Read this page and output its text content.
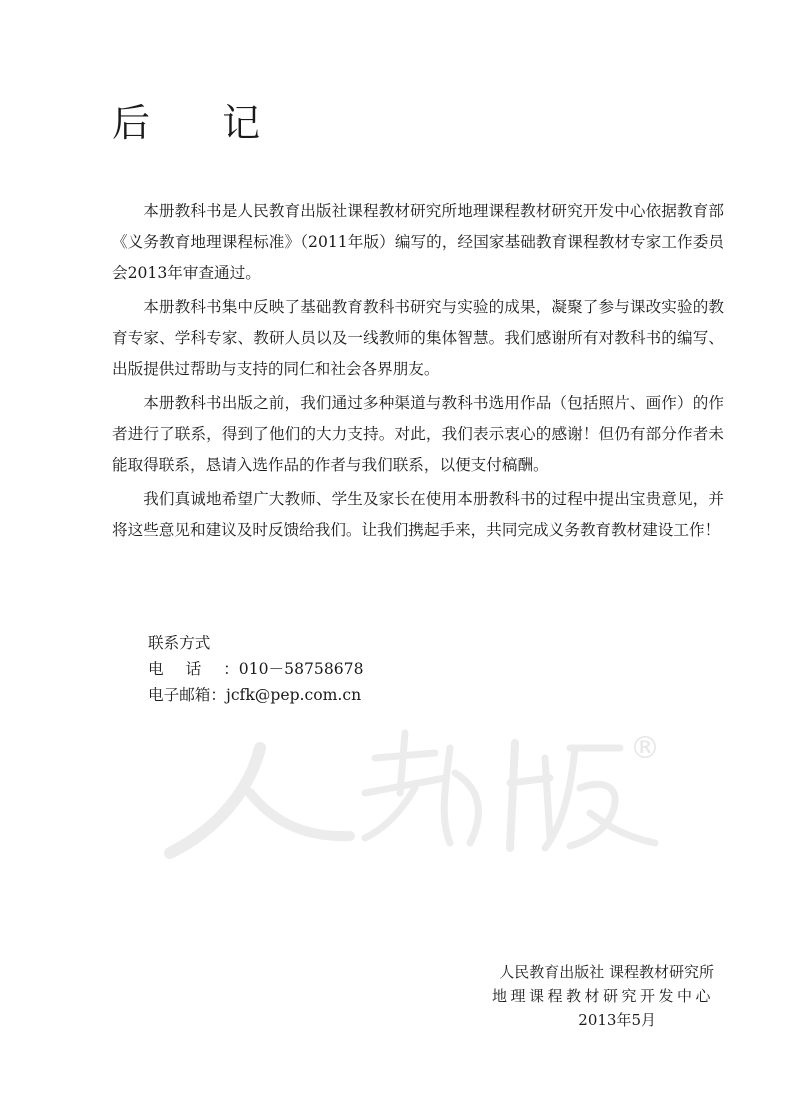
后 记

本册教科书是人民教育出版社课程教材研究所地理课程教材研究开发中心依据教育部《义务教育地理课程标准》（2011年版）编写的，经国家基础教育课程教材专家工作委员会2013年审查通过。

本册教科书集中反映了基础教育教科书研究与实验的成果，凝聚了参与课改实验的教育专家、学科专家、教研人员以及一线教师的集体智慧。我们感谢所有对教科书的编写、出版提供过帮助与支持的同仁和社会各界朋友。

本册教科书出版之前，我们通过多种渠道与教科书选用作品（包括照片、画作）的作者进行了联系，得到了他们的大力支持。对此，我们表示衷心的感谢！但仍有部分作者未能取得联系，恳请入选作品的作者与我们联系，以便支付稿酬。

我们真诚地希望广大教师、学生及家长在使用本册教科书的过程中提出宝贵意见，并将这些意见和建议及时反馈给我们。让我们携起手来，共同完成义务教育教材建设工作！

联系方式
电话：010－58758678
电子邮箱：jcfk@pep.com.cn
®
人民教育出版社 课程教材研究所
地理课程教材研究开发中心
2013年5月
